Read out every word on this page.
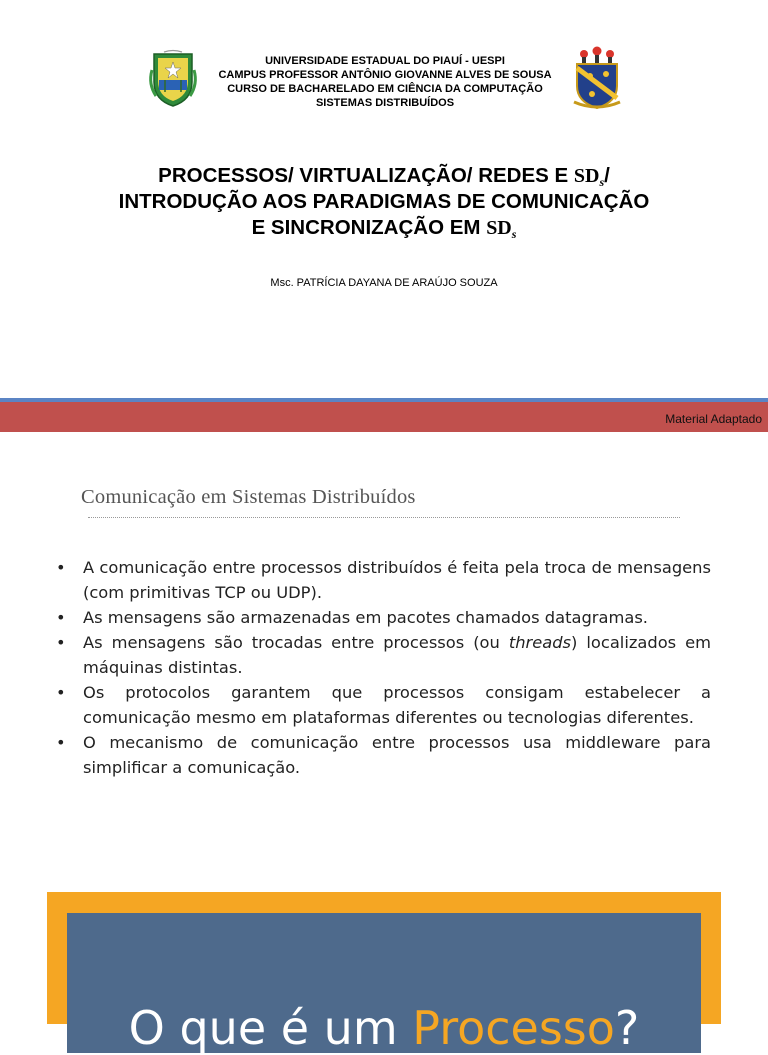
UNIVERSIDADE ESTADUAL DO PIAUÍ - UESPI
CAMPUS PROFESSOR ANTÔNIO GIOVANNE ALVES DE SOUSA
CURSO DE BACHARELADO EM CIÊNCIA DA COMPUTAÇÃO
SISTEMAS DISTRIBUÍDOS
PROCESSOS/ VIRTUALIZAÇÃO/ REDES E $SD_s/$
INTRODUÇÃO AOS PARADIGMAS DE COMUNICAÇÃO
E SINCRONIZAÇÃO EM $SD_s$
Msc. PATRÍCIA DAYANA DE ARAÚJO SOUZA
Material Adaptado
Comunicação em Sistemas Distribuídos
• A comunicação entre processos distribuídos é feita pela troca de mensagens (com primitivas TCP ou UDP).
• As mensagens são armazenadas em pacotes chamados datagramas.
• As mensagens são trocadas entre processos (ou threads) localizados em máquinas distintas.
• Os protocolos garantem que processos consigam estabelecer a comunicação mesmo em plataformas diferentes ou tecnologias diferentes.
• O mecanismo de comunicação entre processos usa middleware para simplificar a comunicação.
O que é um Processo?
